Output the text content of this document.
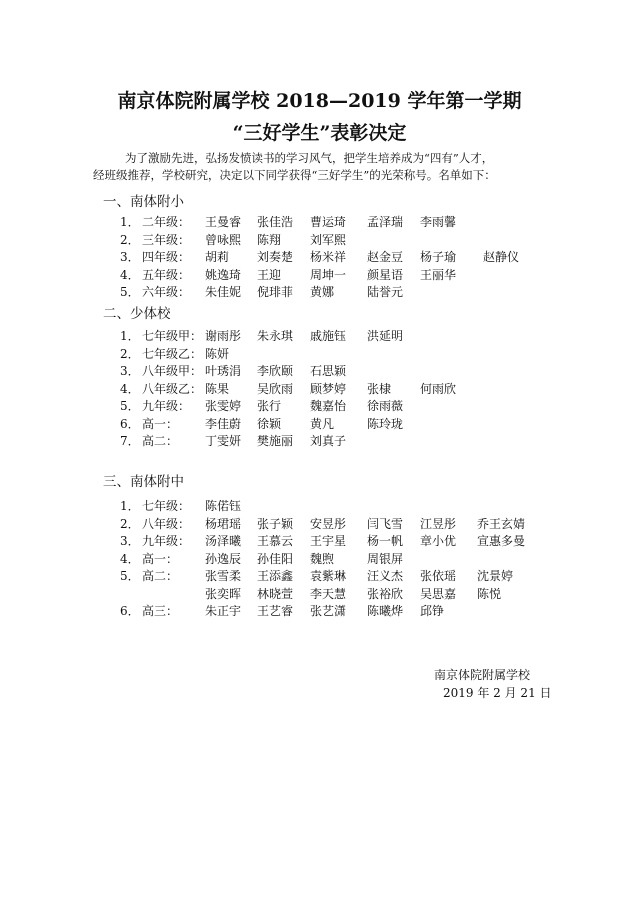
南京体院附属学校 2018—2019 学年第一学期
“三好学生”表彰决定
为了激励先进，弘扬发愤读书的学习风气，把学生培养成为“四有”人才，
经班级推荐，学校研究，决定以下同学获得“三好学生”的光荣称号。名单如下：
一、南体附小
1． 二年级： 王曼睿 张佳浩 曹运琦 孟泽瑞 李雨馨
2． 三年级： 曾咏熙 陈翔 刘军熙
3． 四年级： 胡莉 刘奏楚 杨米祥 赵金豆 杨子瑜 赵静仪
4． 五年级： 姚逸琦 王迎 周坤一 颜星语 王丽华
5． 六年级： 朱佳妮 倪琲菲 黄娜	陆誉元
二、少体校
1． 七年级甲： 谢雨彤 朱永琪 戚施钰 洪延明
2． 七年级乙： 陈妍
3． 八年级甲： 叶琇涓 李欣颐 石思颖
4． 八年级乙： 陈果 吴欣雨 顾梦婷 张棣 何雨欣
5． 九年级： 张雯婷 张行 魏嘉怡 徐雨薇
6． 高一： 李佳蔚 徐颖 黄凡	陈玲珑
7． 高二： 丁雯妍 樊施丽 刘真子
三、南体附中
1． 七年级： 陈偌钰
2． 八年级： 杨珺瑶 张子颖 安昱彤 闫飞雪 江昱彤 乔王玄婧
3． 九年级： 汤泽曦 王慕云 王宇星 杨一帆 章小优 宣惠多曼
4． 高一： 孙逸辰 孙佳阳 魏煦	周银屏
5． 高二： 张雪柔 王添鑫 袁紫琳 汪义杰 张依瑶 沈景婷
张奕晖 林晓萱 李天慧 张裕欣 吴思嘉 陈悦
6． 高三： 朱正宇 王艺睿 张艺潇 陈曦烨 邱铮
南京体院附属学校
2019 年 2 月 21 日
